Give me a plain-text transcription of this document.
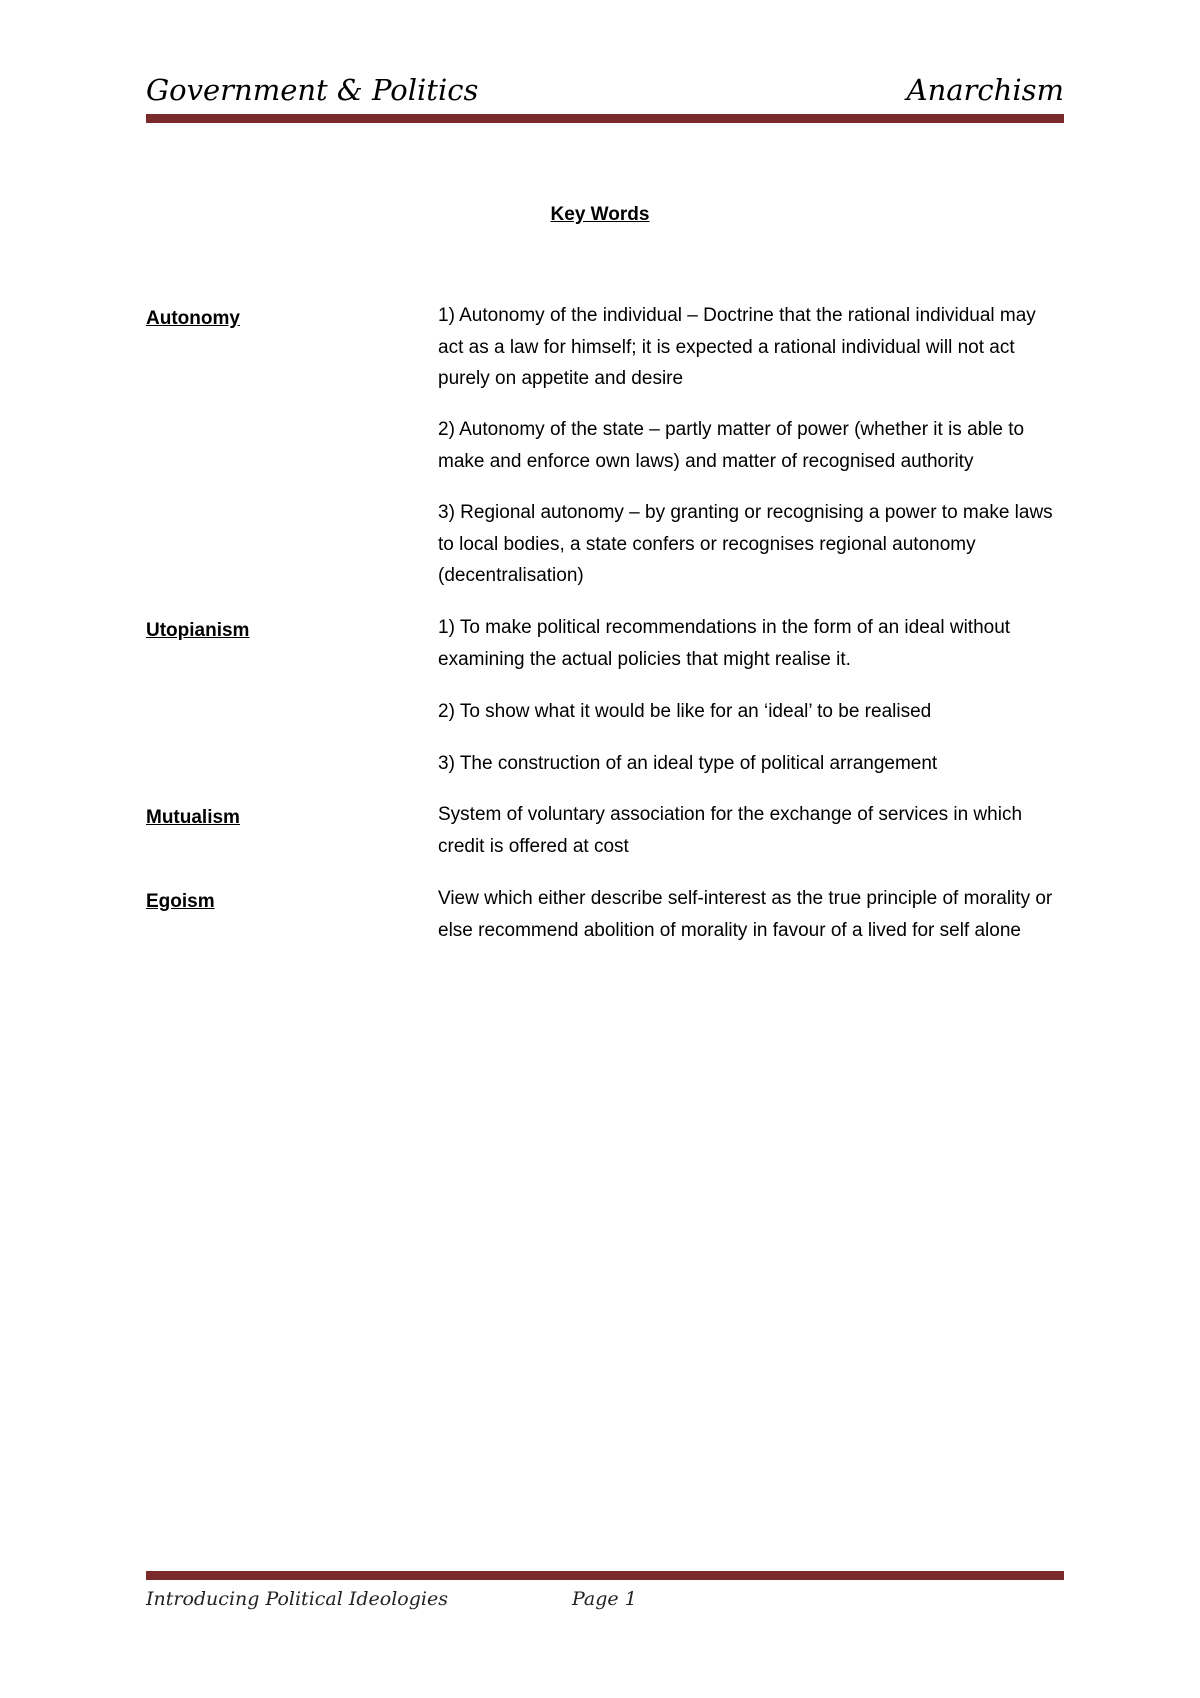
Government & Politics	Anarchism
Key Words
Autonomy	1) Autonomy of the individual – Doctrine that the rational individual may act as a law for himself; it is expected a rational individual will not act purely on appetite and desire

2) Autonomy of the state – partly matter of power (whether it is able to make and enforce own laws) and matter of recognised authority

3) Regional autonomy – by granting or recognising a power to make laws to local bodies, a state confers or recognises regional autonomy (decentralisation)

Utopianism	1) To make political recommendations in the form of an ideal without examining the actual policies that might realise it.

2) To show what it would be like for an ‘ideal’ to be realised

3) The construction of an ideal type of political arrangement

Mutualism	System of voluntary association for the exchange of services in which credit is offered at cost

Egoism	View which either describe self-interest as the true principle of morality or else recommend abolition of morality in favour of a lived for self alone

Introducing Political Ideologies	Page 1
